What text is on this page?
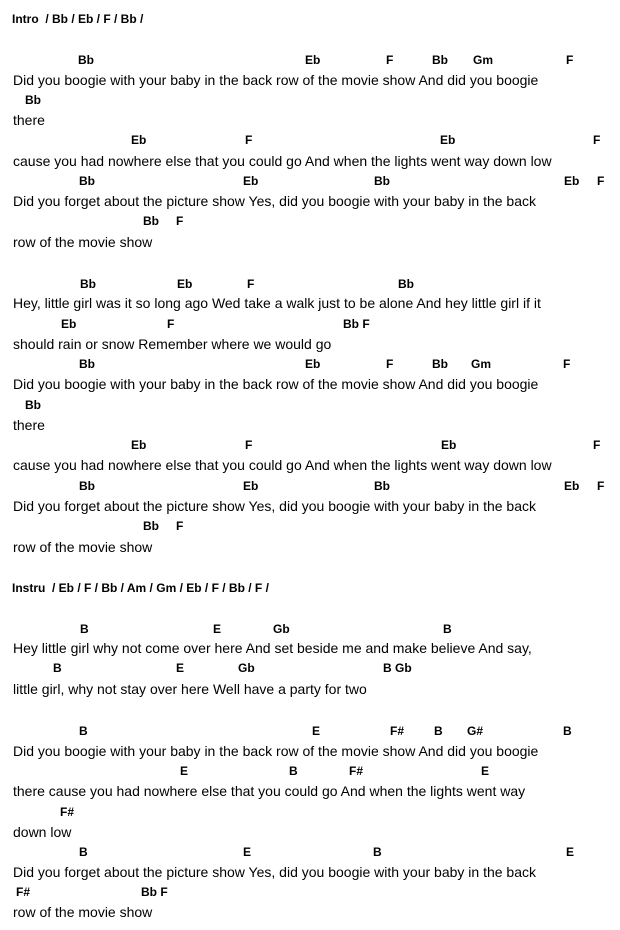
Intro  / Bb / Eb / F / Bb /
Instru  / Eb / F / Bb / Am / Gm / Eb / F / Bb / F /
Bb	Eb	F	Bb Gm	F
Did you boogie with your baby in the back row of the movie show And did you boogie
Bb
there
Eb	F	Eb	F
cause you had nowhere else that you could go And when the lights went way down low
Bb	Eb	Bb	Eb F
Did you forget about the picture show Yes, did you boogie with your baby in the back
Bb F
row of the movie show
Bb	Eb	F	Bb
Hey, little girl was it so long ago Wed take a walk just to be alone And hey little girl if it
Eb	F	Bb F
should rain or snow Remember where we would go
Bb	Eb	F	Bb Gm	F
Did you boogie with your baby in the back row of the movie show And did you boogie
Bb
there
Eb	F	Eb	F
cause you had nowhere else that you could go And when the lights went way down low
Bb	Eb	Bb	Eb F
Did you forget about the picture show Yes, did you boogie with your baby in the back
Bb F
row of the movie show
B	E	Gb	B
Hey little girl why not come over here And set beside me and make believe And say,
B	E	Gb	B Gb
little girl, why not stay over here Well have a party for two
B	E	F# B G#	B
Did you boogie with your baby in the back row of the movie show And did you boogie
E	B	F#	E
there cause you had nowhere else that you could go And when the lights went way
F#
down low
B	E	B	E
Did you forget about the picture show Yes, did you boogie with your baby in the back
F#	Bb F
row of the movie show
